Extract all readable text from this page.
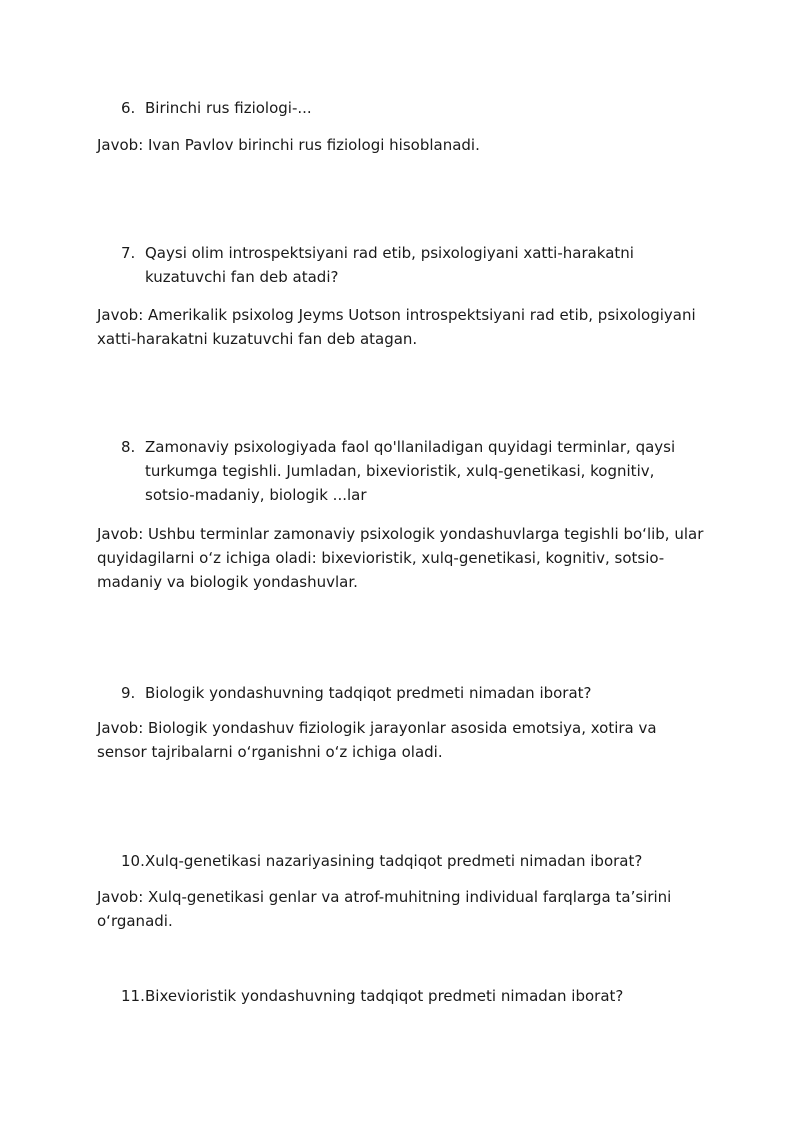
6. Birinchi rus fiziologi-...
Javob: Ivan Pavlov birinchi rus fiziologi hisoblanadi.
7. Qaysi olim introspektsiyani rad etib, psixologiyani xatti-harakatni kuzatuvchi fan deb atadi?
Javob: Amerikalik psixolog Jeyms Uotson introspektsiyani rad etib, psixologiyani xatti-harakatni kuzatuvchi fan deb atagan.
8. Zamonaviy psixologiyada faol qo'llaniladigan quyidagi terminlar, qaysi turkumga tegishli. Jumladan, bixevioristik, xulq-genetikasi, kognitiv, sotsio-madaniy, biologik ...lar
Javob: Ushbu terminlar zamonaviy psixologik yondashuvlarga tegishli bo‘lib, ular quyidagilarni o‘z ichiga oladi: bixevioristik, xulq-genetikasi, kognitiv, sotsio-madaniy va biologik yondashuvlar.
9. Biologik yondashuvning tadqiqot predmeti nimadan iborat?
Javob: Biologik yondashuv fiziologik jarayonlar asosida emotsiya, xotira va sensor tajribalarni o‘rganishni o‘z ichiga oladi.
10. Xulq-genetikasi nazariyasining tadqiqot predmeti nimadan iborat?
Javob: Xulq-genetikasi genlar va atrof-muhitning individual farqlarga ta’sirini o‘rganadi.
11. Bixevioristik yondashuvning tadqiqot predmeti nimadan iborat?
